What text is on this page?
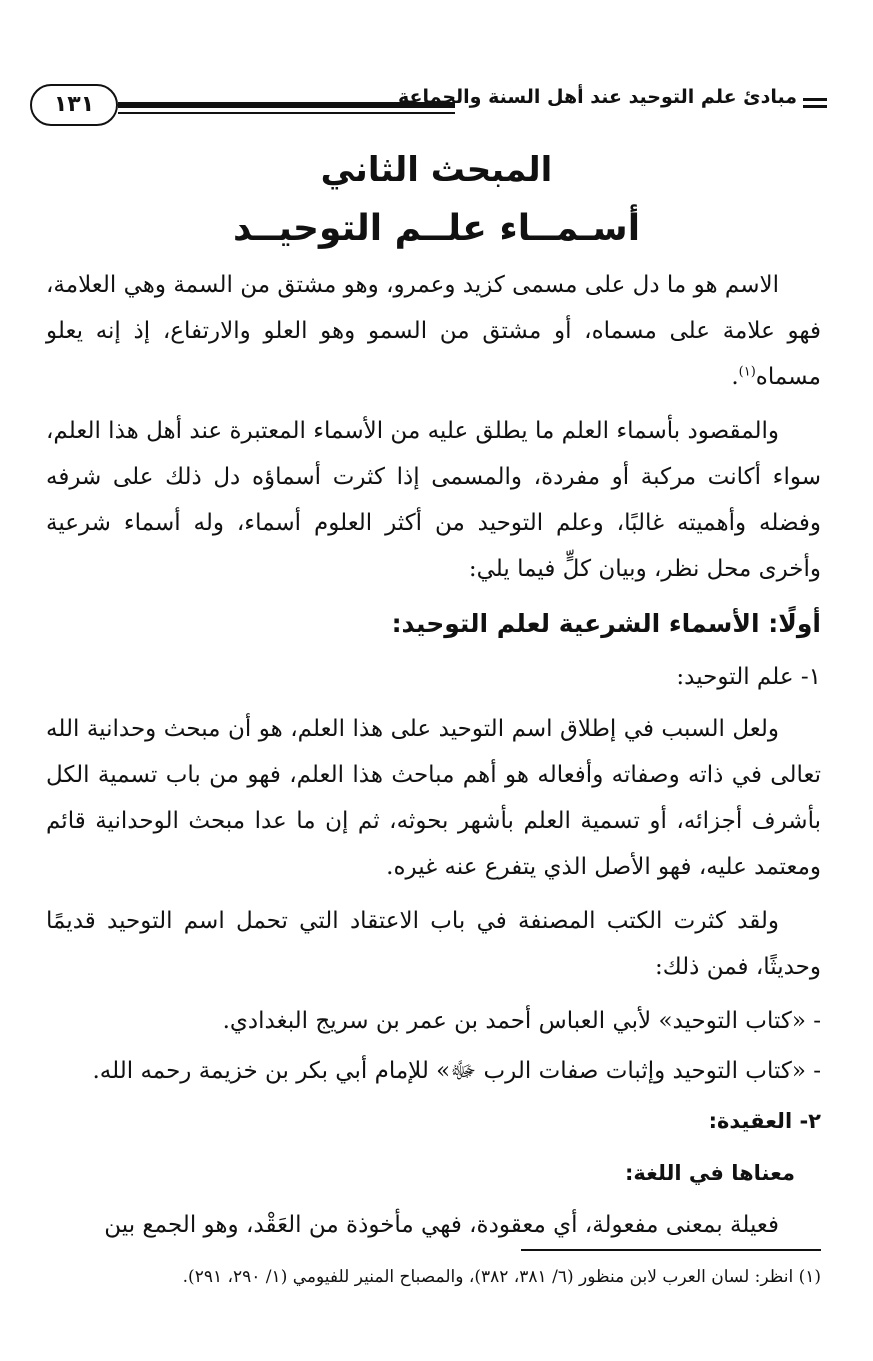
١٣١	مبادئ علم التوحيد عند أهل السنة والجماعة
المبحث الثاني
أسـمــاء علــم التوحيــد

الاسم هو ما دل على مسمى كزيد وعمرو، وهو مشتق من السمة وهي العلامة، فهو علامة على مسماه، أو مشتق من السمو وهو العلو والارتفاع، إذ إنه يعلو مسماه$^{(١)}$.

والمقصود بأسماء العلم ما يطلق عليه من الأسماء المعتبرة عند أهل هذا العلم، سواء أكانت مركبة أو مفردة، والمسمى إذا كثرت أسماؤه دل ذلك على شرفه وفضله وأهميته غالبًا، وعلم التوحيد من أكثر العلوم أسماء، وله أسماء شرعية وأخرى محل نظر، وبيان كلٍّ فيما يلي:

أولًا: الأسماء الشرعية لعلم التوحيد:
١- علم التوحيد:

ولعل السبب في إطلاق اسم التوحيد على هذا العلم، هو أن مبحث وحدانية الله تعالى في ذاته وصفاته وأفعاله هو أهم مباحث هذا العلم، فهو من باب تسمية الكل بأشرف أجزائه، أو تسمية العلم بأشهر بحوثه، ثم إن ما عدا مبحث الوحدانية قائم ومعتمد عليه، فهو الأصل الذي يتفرع عنه غيره.

ولقد كثرت الكتب المصنفة في باب الاعتقاد التي تحمل اسم التوحيد قديمًا وحديثًا، فمن ذلك:

- «كتاب التوحيد» لأبي العباس أحمد بن عمر بن سريج البغدادي.
- «كتاب التوحيد وإثبات صفات الرب ﷻ» للإمام أبي بكر بن خزيمة رحمه الله.
٢- العقيدة:
معناها في اللغة:

فعيلة بمعنى مفعولة، أي معقودة، فهي مأخوذة من العَقْد، وهو الجمع بين

(١) انظر: لسان العرب لابن منظور (٦/ ٣٨١، ٣٨٢)، والمصباح المنير للفيومي (١/ ٢٩٠، ٢٩١).
